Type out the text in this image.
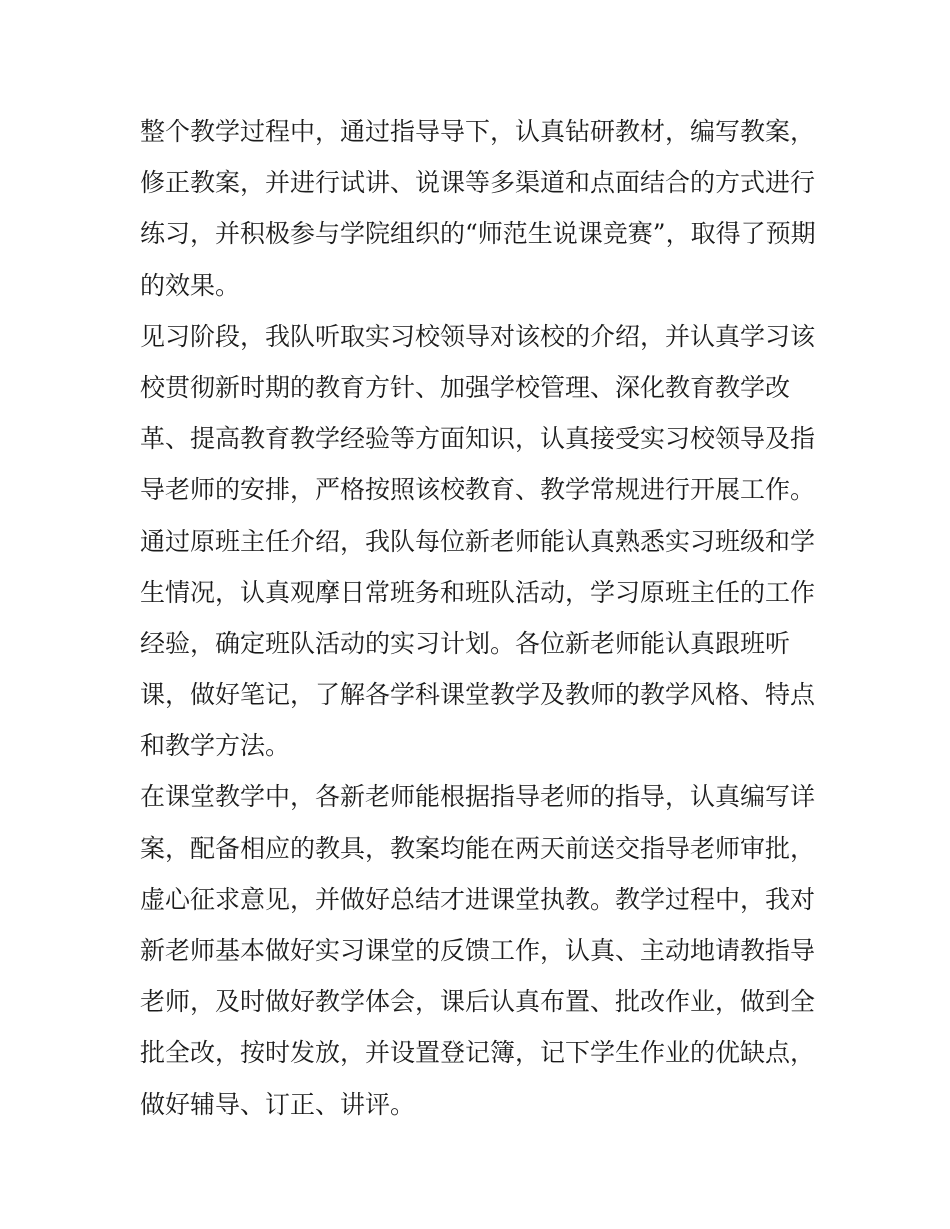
整个教学过程中，通过指导导下，认真钻研教材，编写教案，
修正教案，并进行试讲、说课等多渠道和点面结合的方式进行
练习，并积极参与学院组织的“师范生说课竞赛”，取得了预期
的效果。
见习阶段，我队听取实习校领导对该校的介绍，并认真学习该
校贯彻新时期的教育方针、加强学校管理、深化教育教学改
革、提高教育教学经验等方面知识，认真接受实习校领导及指
导老师的安排，严格按照该校教育、教学常规进行开展工作。
通过原班主任介绍，我队每位新老师能认真熟悉实习班级和学
生情况，认真观摩日常班务和班队活动，学习原班主任的工作
经验，确定班队活动的实习计划。各位新老师能认真跟班听
课，做好笔记，了解各学科课堂教学及教师的教学风格、特点
和教学方法。
在课堂教学中，各新老师能根据指导老师的指导，认真编写详
案，配备相应的教具，教案均能在两天前送交指导老师审批，
虚心征求意见，并做好总结才进课堂执教。教学过程中，我对
新老师基本做好实习课堂的反馈工作，认真、主动地请教指导
老师，及时做好教学体会，课后认真布置、批改作业，做到全
批全改，按时发放，并设置登记簿，记下学生作业的优缺点，
做好辅导、订正、讲评。
